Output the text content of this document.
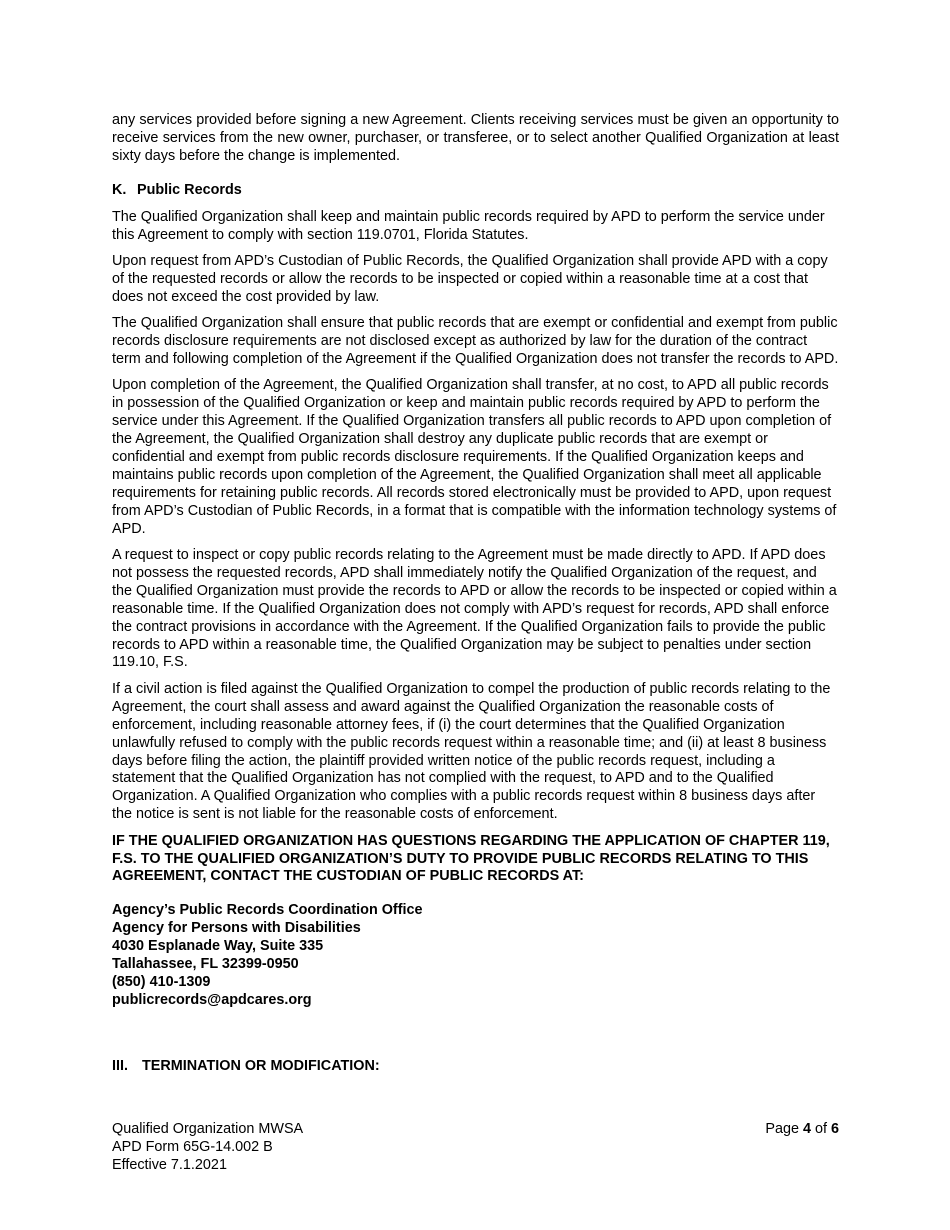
any services provided before signing a new Agreement. Clients receiving services must be given an opportunity to receive services from the new owner, purchaser, or transferee, or to select another Qualified Organization at least sixty days before the change is implemented.

K. Public Records

The Qualified Organization shall keep and maintain public records required by APD to perform the service under this Agreement to comply with section 119.0701, Florida Statutes.

Upon request from APD’s Custodian of Public Records, the Qualified Organization shall provide APD with a copy of the requested records or allow the records to be inspected or copied within a reasonable time at a cost that does not exceed the cost provided by law.

The Qualified Organization shall ensure that public records that are exempt or confidential and exempt from public records disclosure requirements are not disclosed except as authorized by law for the duration of the contract term and following completion of the Agreement if the Qualified Organization does not transfer the records to APD.

Upon completion of the Agreement, the Qualified Organization shall transfer, at no cost, to APD all public records in possession of the Qualified Organization or keep and maintain public records required by APD to perform the service under this Agreement. If the Qualified Organization transfers all public records to APD upon completion of the Agreement, the Qualified Organization shall destroy any duplicate public records that are exempt or confidential and exempt from public records disclosure requirements. If the Qualified Organization keeps and maintains public records upon completion of the Agreement, the Qualified Organization shall meet all applicable requirements for retaining public records. All records stored electronically must be provided to APD, upon request from APD’s Custodian of Public Records, in a format that is compatible with the information technology systems of APD.

A request to inspect or copy public records relating to the Agreement must be made directly to APD. If APD does not possess the requested records, APD shall immediately notify the Qualified Organization of the request, and the Qualified Organization must provide the records to APD or allow the records to be inspected or copied within a reasonable time. If the Qualified Organization does not comply with APD’s request for records, APD shall enforce the contract provisions in accordance with the Agreement. If the Qualified Organization fails to provide the public records to APD within a reasonable time, the Qualified Organization may be subject to penalties under section 119.10, F.S.

If a civil action is filed against the Qualified Organization to compel the production of public records relating to the Agreement, the court shall assess and award against the Qualified Organization the reasonable costs of enforcement, including reasonable attorney fees, if (i) the court determines that the Qualified Organization unlawfully refused to comply with the public records request within a reasonable time; and (ii) at least 8 business days before filing the action, the plaintiff provided written notice of the public records request, including a statement that the Qualified Organization has not complied with the request, to APD and to the Qualified Organization. A Qualified Organization who complies with a public records request within 8 business days after the notice is sent is not liable for the reasonable costs of enforcement.

IF THE QUALIFIED ORGANIZATION HAS QUESTIONS REGARDING THE APPLICATION OF CHAPTER 119, F.S. TO THE QUALIFIED ORGANIZATION’S DUTY TO PROVIDE PUBLIC RECORDS RELATING TO THIS AGREEMENT, CONTACT THE CUSTODIAN OF PUBLIC RECORDS AT:

Agency’s Public Records Coordination Office
Agency for Persons with Disabilities
4030 Esplanade Way, Suite 335
Tallahassee, FL 32399-0950
(850) 410-1309
publicrecords@apdcares.org
III. TERMINATION OR MODIFICATION:
Qualified Organization MWSA
APD Form 65G-14.002 B
Effective 7.1.2021
Page 4 of 6
